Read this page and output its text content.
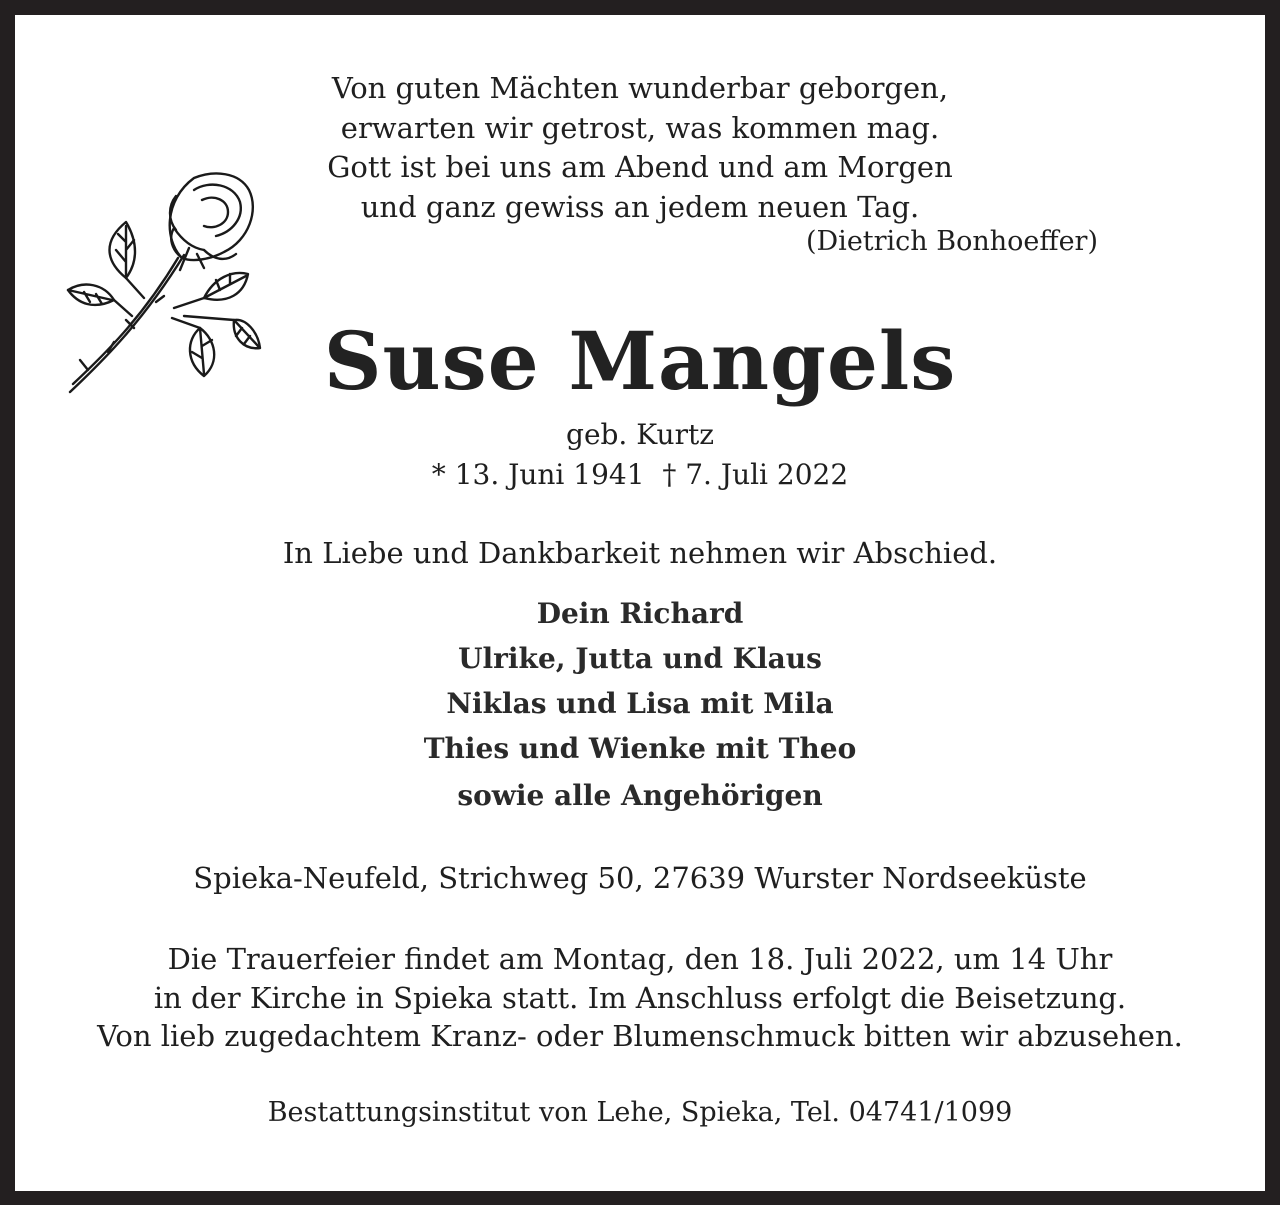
Von guten Mächten wunderbar geborgen,
erwarten wir getrost, was kommen mag.
Gott ist bei uns am Abend und am Morgen
und ganz gewiss an jedem neuen Tag.
(Dietrich Bonhoeffer)
Suse Mangels
geb. Kurtz
* 13. Juni 1941  † 7. Juli 2022
In Liebe und Dankbarkeit nehmen wir Abschied.
Dein Richard
Ulrike, Jutta und Klaus
Niklas und Lisa mit Mila
Thies und Wienke mit Theo
sowie alle Angehörigen
Spieka-Neufeld, Strichweg 50, 27639 Wurster Nordseeküste
Die Trauerfeier findet am Montag, den 18. Juli 2022, um 14 Uhr
in der Kirche in Spieka statt. Im Anschluss erfolgt die Beisetzung.
Von lieb zugedachtem Kranz- oder Blumenschmuck bitten wir abzusehen.
Bestattungsinstitut von Lehe, Spieka, Tel. 04741/1099
